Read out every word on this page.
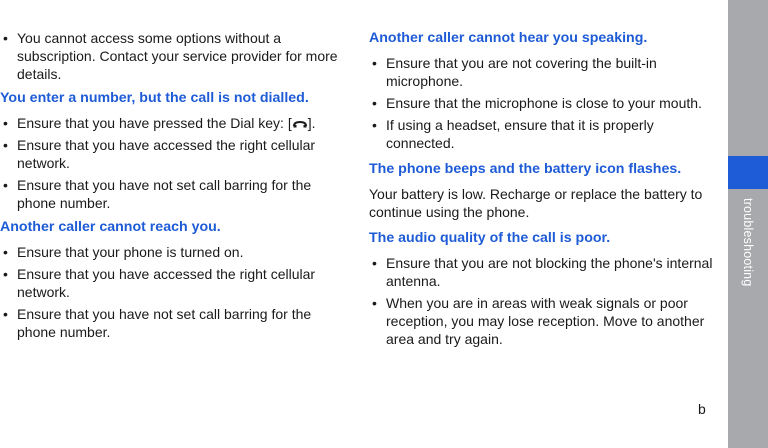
• You cannot access some options without a subscription. Contact your service provider for more details.
You enter a number, but the call is not dialled.
• Ensure that you have pressed the Dial key: [ ].
• Ensure that you have accessed the right cellular network.
• Ensure that you have not set call barring for the phone number.
Another caller cannot reach you.
• Ensure that your phone is turned on.
• Ensure that you have accessed the right cellular network.
• Ensure that you have not set call barring for the phone number.
Another caller cannot hear you speaking.
• Ensure that you are not covering the built-in microphone.
• Ensure that the microphone is close to your mouth.
• If using a headset, ensure that it is properly connected.
The phone beeps and the battery icon flashes.

Your battery is low. Recharge or replace the battery to continue using the phone.

The audio quality of the call is poor.
• Ensure that you are not blocking the phone's internal antenna.
• When you are in areas with weak signals or poor reception, you may lose reception. Move to another area and try again.
troubleshooting
b
